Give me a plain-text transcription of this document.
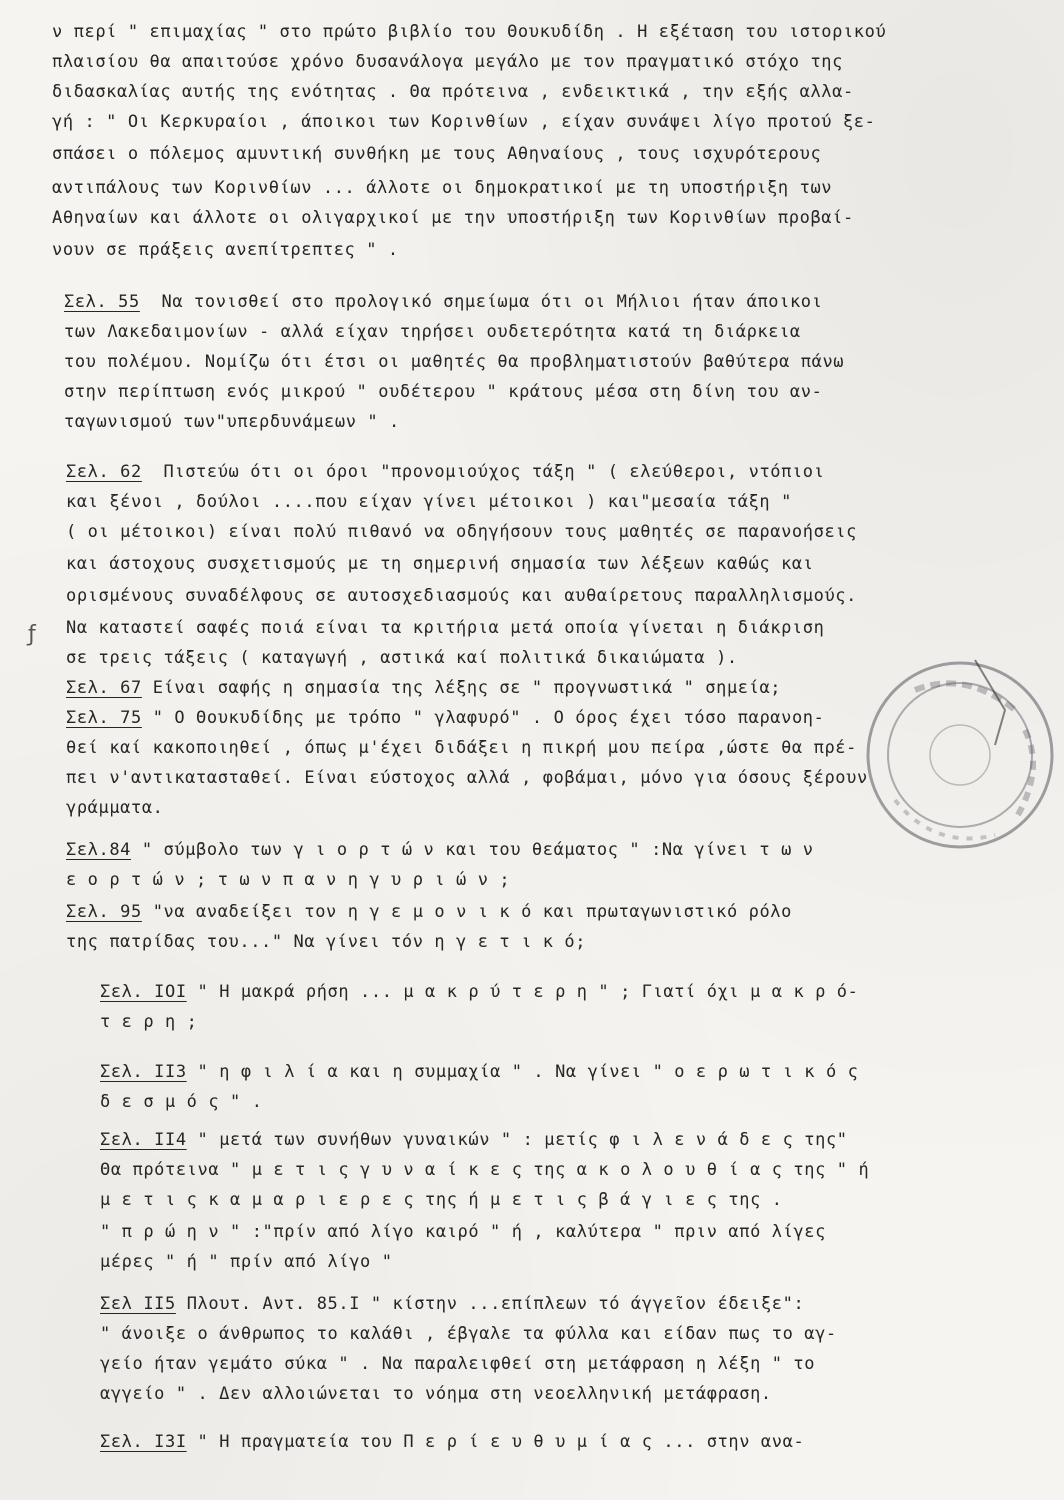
ν περί " επιμαχίας " στο πρώτο βιβλίο του Θουκυδίδη . Η εξέταση του ιστορικού

πλαισίου θα απαιτούσε χρόνο δυσανάλογα μεγάλο με τον πραγματικό στόχο της

διδασκαλίας αυτής της ενότητας . Θα πρότεινα , ενδεικτικά , την εξής αλλα-

γή : " Οι Κερκυραίοι , άποικοι των Κορινθίων , είχαν συνάψει λίγο προτού ξε-

σπάσει ο πόλεμος αμυντική συνθήκη με τους Αθηναίους , τους ισχυρότερους

αντιπάλους των Κορινθίων ... άλλοτε οι δημοκρατικοί με τη υποστήριξη των

Αθηναίων και άλλοτε οι ολιγαρχικοί με την υποστήριξη των Κορινθίων προβαί-

νουν σε πράξεις ανεπίτρεπτες " .

Σελ. 55  Να τονισθεί στο προλογικό σημείωμα ότι οι Μήλιοι ήταν άποικοι

των Λακεδαιμονίων - αλλά είχαν τηρήσει ουδετερότητα κατά τη διάρκεια

του πολέμου. Νομίζω ότι έτσι οι μαθητές θα προβληματιστούν βαθύτερα πάνω

στην περίπτωση ενός μικρού " ουδέτερου " κράτους μέσα στη δίνη του αν-

ταγωνισμού των"υπερδυνάμεων " .

Σελ. 62  Πιστεύω ότι οι όροι "προνομιούχος τάξη " ( ελεύθεροι, ντόπιοι

και ξένοι , δούλοι ....που είχαν γίνει μέτοικοι ) και"μεσαία τάξη "

( οι μέτοικοι) είναι πολύ πιθανό να οδηγήσουν τους μαθητές σε παρανοήσεις

και άστοχους συσχετισμούς με τη σημερινή σημασία των λέξεων καθώς και

ορισμένους συναδέλφους σε αυτοσχεδιασμούς και αυθαίρετους παραλληλισμούς.

Να καταστεί σαφές ποιά είναι τα κριτήρια μετά οποία γίνεται η διάκριση

σε τρεις τάξεις ( καταγωγή , αστικά καί πολιτικά δικαιώματα ).

Σελ. 67 Είναι σαφής η σημασία της λέξης σε " προγνωστικά " σημεία;

Σελ. 75 " Ο Θουκυδίδης με τρόπο " γλαφυρό" . Ο όρος έχει τόσο παρανοη-

θεί καί κακοποιηθεί , όπως μ'έχει διδάξει η πικρή μου πείρα ,ώστε θα πρέ-

πει ν'αντικατασταθεί. Είναι εύστοχος αλλά , φοβάμαι, μόνο για όσους ξέρουν

γράμματα.

Σελ.84 " σύμβολο των γ ι ο ρ τ ώ ν και του θεάματος " :Να γίνει τ ω ν

ε ο ρ τ ώ ν ; τ ω ν π α ν η γ υ ρ ι ώ ν ;

Σελ. 95 "να αναδείξει τον η γ ε μ ο ν ι κ ό και πρωταγωνιστικό ρόλο

της πατρίδας του..." Να γίνει τόν η γ ε τ ι κ ό;

Σελ. ΙΟΙ " Η μακρά ρήση ... μ α κ ρ ύ τ ε ρ η " ; Γιατί όχι μ α κ ρ ό-

τ ε ρ η ;

Σελ. ΙΙ3 " η φ ι λ ί α και η συμμαχία " . Να γίνει " ο ε ρ ω τ ι κ ό ς

δ ε σ μ ό ς " .

Σελ. ΙΙ4 " μετά των συνήθων γυναικών " : μετίς φ ι λ ε ν ά δ ε ς της"

Θα πρότεινα " μ ε τ ι ς γ υ ν α ί κ ε ς της α κ ο λ ο υ θ ί α ς της " ή

μ ε τ ι ς κ α μ α ρ ι ε ρ ε ς της ή μ ε τ ι ς β ά γ ι ε ς της .

" π ρ ώ η ν " :"πρίν από λίγο καιρό " ή , καλύτερα " πριν από λίγες

μέρες " ή " πρίν από λίγο "

Σελ ΙΙ5 Πλουτ. Αντ. 85.Ι " κίστην ...επίπλεων τό άγγεῖον έδειξε":

" άνοιξε ο άνθρωπος το καλάθι , έβγαλε τα φύλλα και είδαν πως το αγ-

γείο ήταν γεμάτο σύκα " . Να παραλειφθεί στη μετάφραση η λέξη " το

αγγείο " . Δεν αλλοιώνεται το νόημα στη νεοελληνική μετάφραση.

Σελ. Ι3Ι " Η πραγματεία του Π ε ρ ί ε υ θ υ μ ί α ς ... στην ανα-

ƒ
